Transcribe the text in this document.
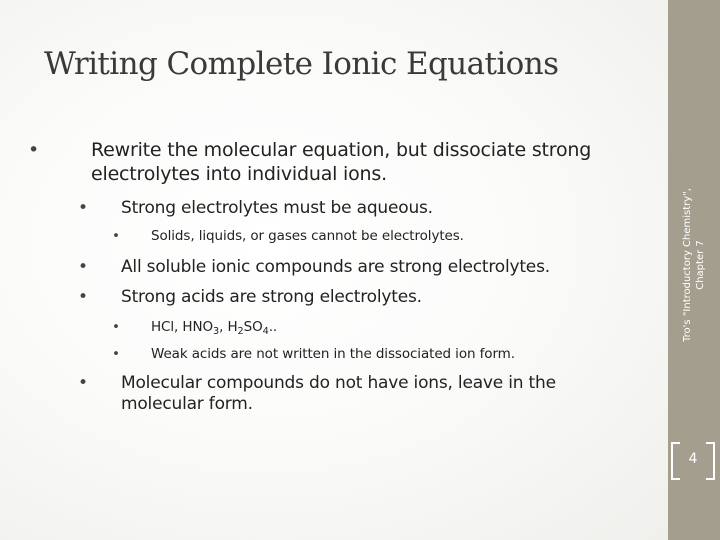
Tro's "Introductory Chemistry", Chapter 7
4
Writing Complete Ionic Equations
•	Rewrite the molecular equation, but dissociate strong electrolytes into individual ions.
• Strong electrolytes must be aqueous.
• Solids, liquids, or gases cannot be electrolytes.
• All soluble ionic compounds are strong electrolytes.
• Strong acids are strong electrolytes.
• HCl, $HNO_3$, $H_2SO_4$..
• Weak acids are not written in the dissociated ion form.
• Molecular compounds do not have ions, leave in the molecular form.
